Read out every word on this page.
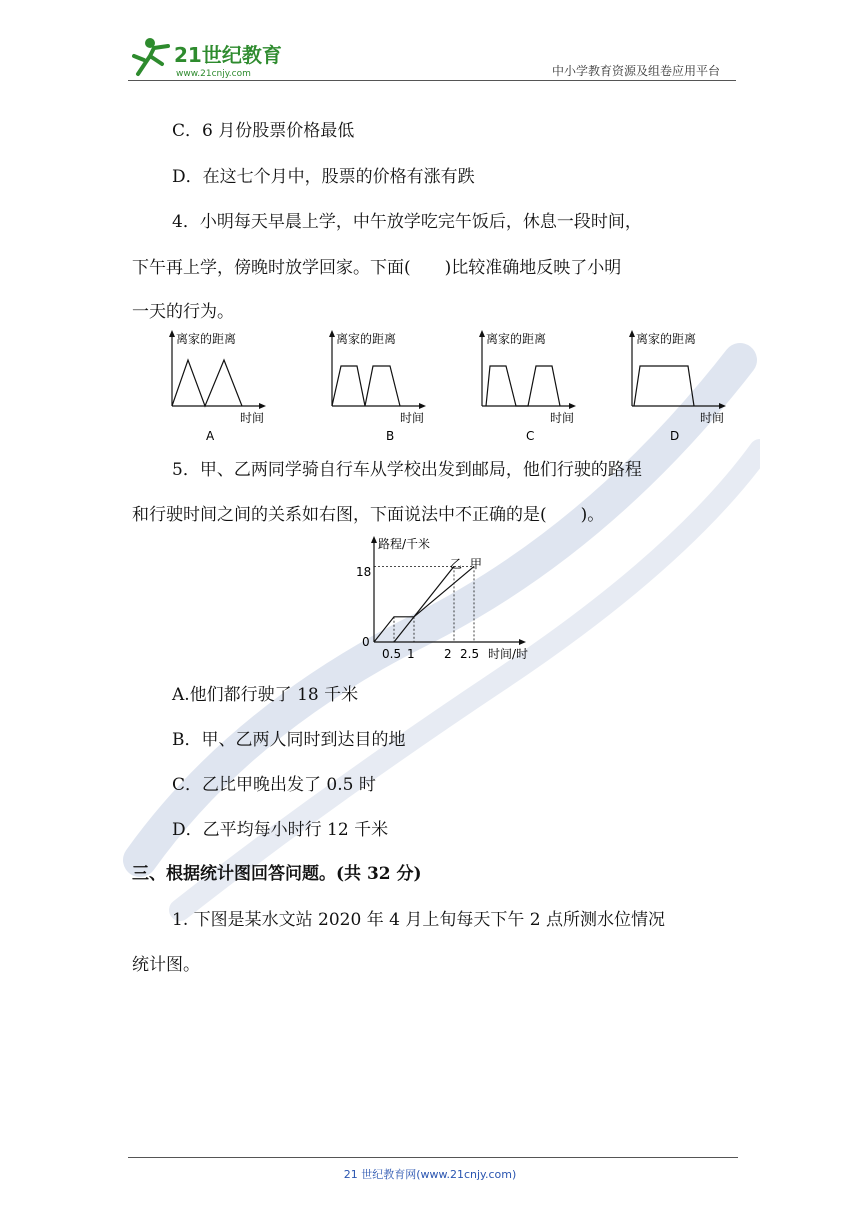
21世纪教育
www.21cnjy.com	中小学教育资源及组卷应用平台
C．6 月份股票价格最低
D．在这七个月中，股票的价格有涨有跌
4．小明每天早晨上学，中午放学吃完午饭后，休息一段时间，
下午再上学，傍晚时放学回家。下面(　　)比较准确地反映了小明
一天的行为。
离家的距离
时间
A
离家的距离
时间
B
离家的距离
时间
C
离家的距离
时间
D
5．甲、乙两同学骑自行车从学校出发到邮局，他们行驶的路程
和行驶时间之间的关系如右图，下面说法中不正确的是(　　)。
路程/千米
时间/时
18
0
0.5 1 2 2.5
乙 甲
A.他们都行驶了 18 千米
B．甲、乙两人同时到达目的地
C．乙比甲晚出发了 0.5 时
D．乙平均每小时行 12 千米
三、根据统计图回答问题。(共 32 分)
1. 下图是某水文站 2020 年 4 月上旬每天下午 2 点所测水位情况
统计图。
21 世纪教育网(www.21cnjy.com)
